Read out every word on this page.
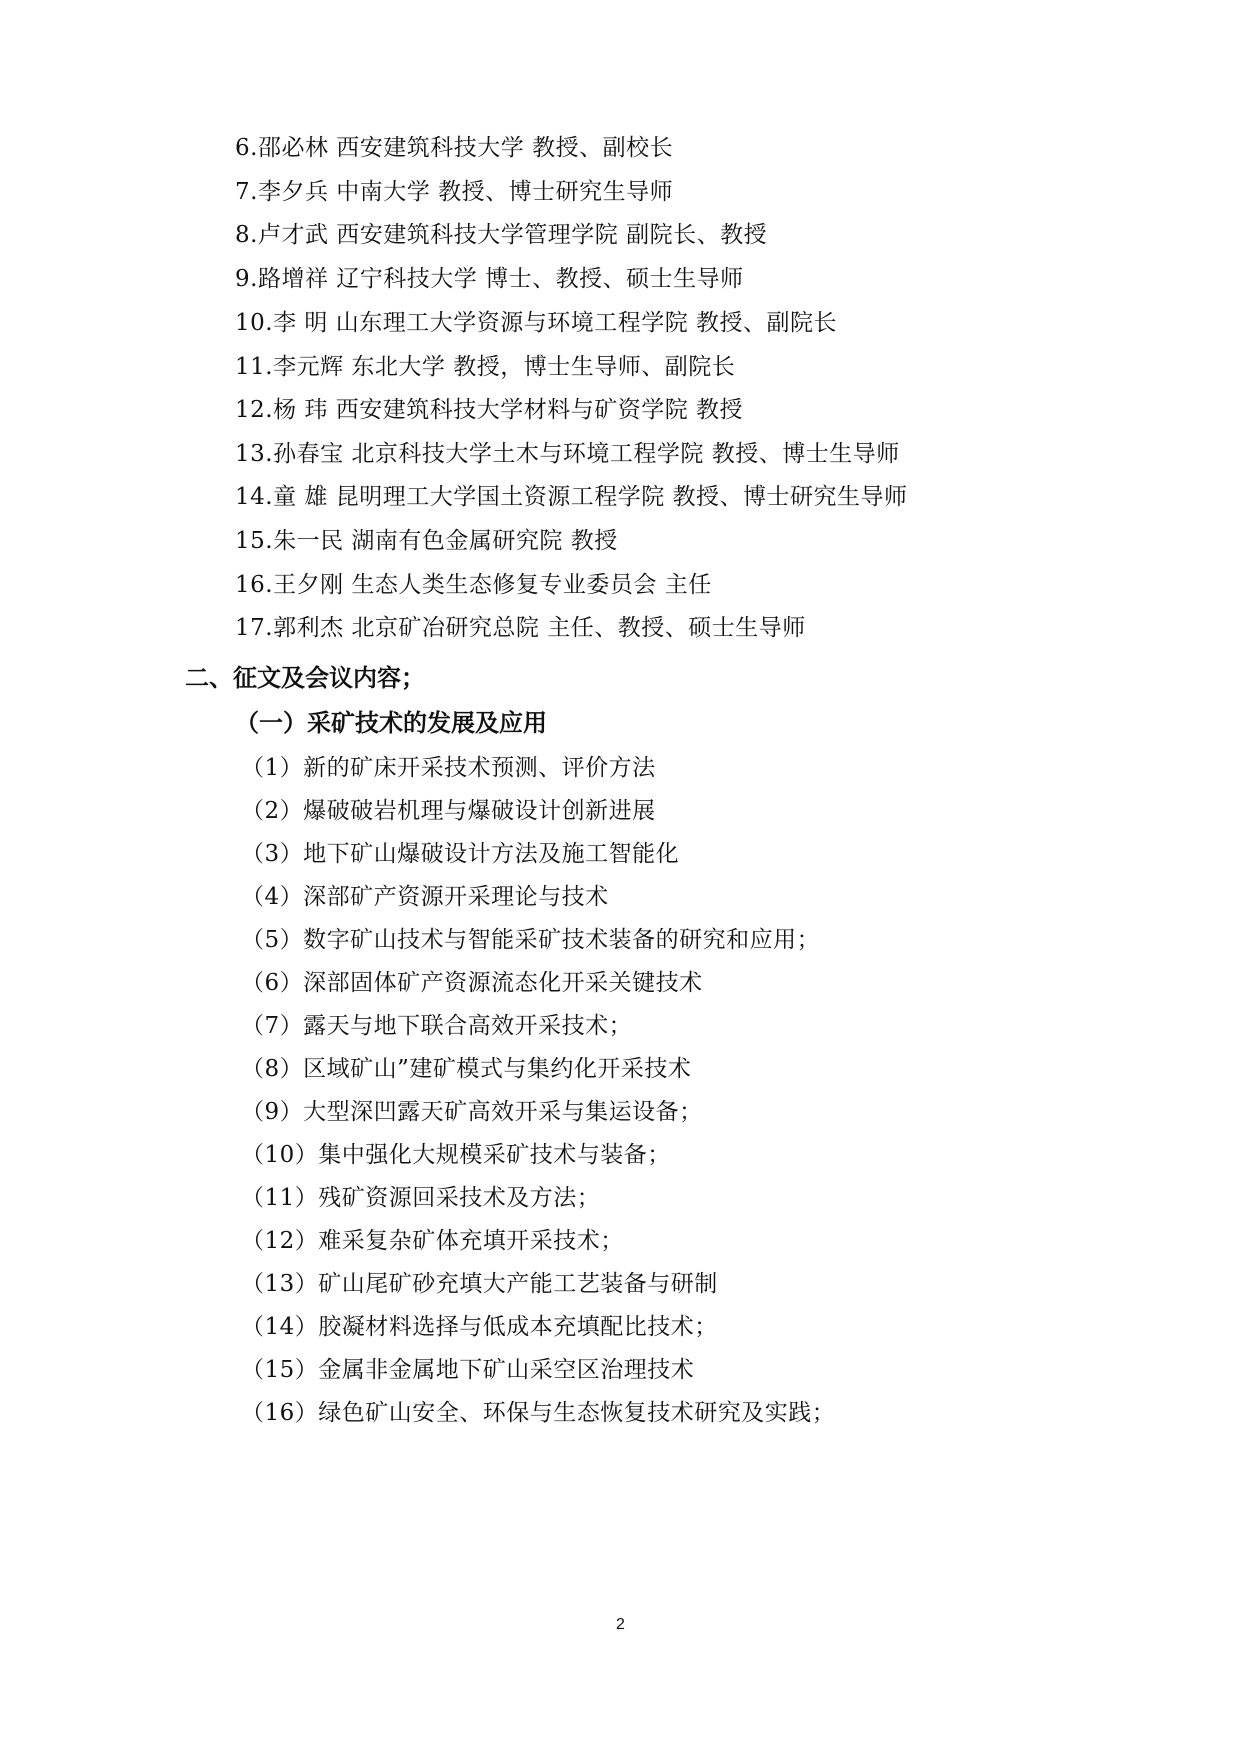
6.邵必林 西安建筑科技大学 教授、副校长
7.李夕兵 中南大学 教授、博士研究生导师
8.卢才武 西安建筑科技大学管理学院 副院长、教授
9.路增祥 辽宁科技大学 博士、教授、硕士生导师
10.李 明 山东理工大学资源与环境工程学院 教授、副院长
11.李元辉 东北大学 教授，博士生导师、副院长
12.杨 玮 西安建筑科技大学材料与矿资学院 教授
13.孙春宝 北京科技大学土木与环境工程学院 教授、博士生导师
14.童 雄 昆明理工大学国土资源工程学院 教授、博士研究生导师
15.朱一民 湖南有色金属研究院 教授
16.王夕刚 生态人类生态修复专业委员会 主任
17.郭利杰 北京矿冶研究总院 主任、教授、硕士生导师
二、征文及会议内容；
（一）采矿技术的发展及应用
（1）新的矿床开采技术预测、评价方法
（2）爆破破岩机理与爆破设计创新进展
（3）地下矿山爆破设计方法及施工智能化
（4）深部矿产资源开采理论与技术
（5）数字矿山技术与智能采矿技术装备的研究和应用；
（6）深部固体矿产资源流态化开采关键技术
（7）露天与地下联合高效开采技术；
（8）区域矿山”建矿模式与集约化开采技术
（9）大型深凹露天矿高效开采与集运设备；
（10）集中强化大规模采矿技术与装备；
（11）残矿资源回采技术及方法；
（12）难采复杂矿体充填开采技术；
（13）矿山尾矿砂充填大产能工艺装备与研制
（14）胶凝材料选择与低成本充填配比技术；
（15）金属非金属地下矿山采空区治理技术
（16）绿色矿山安全、环保与生态恢复技术研究及实践；
2
